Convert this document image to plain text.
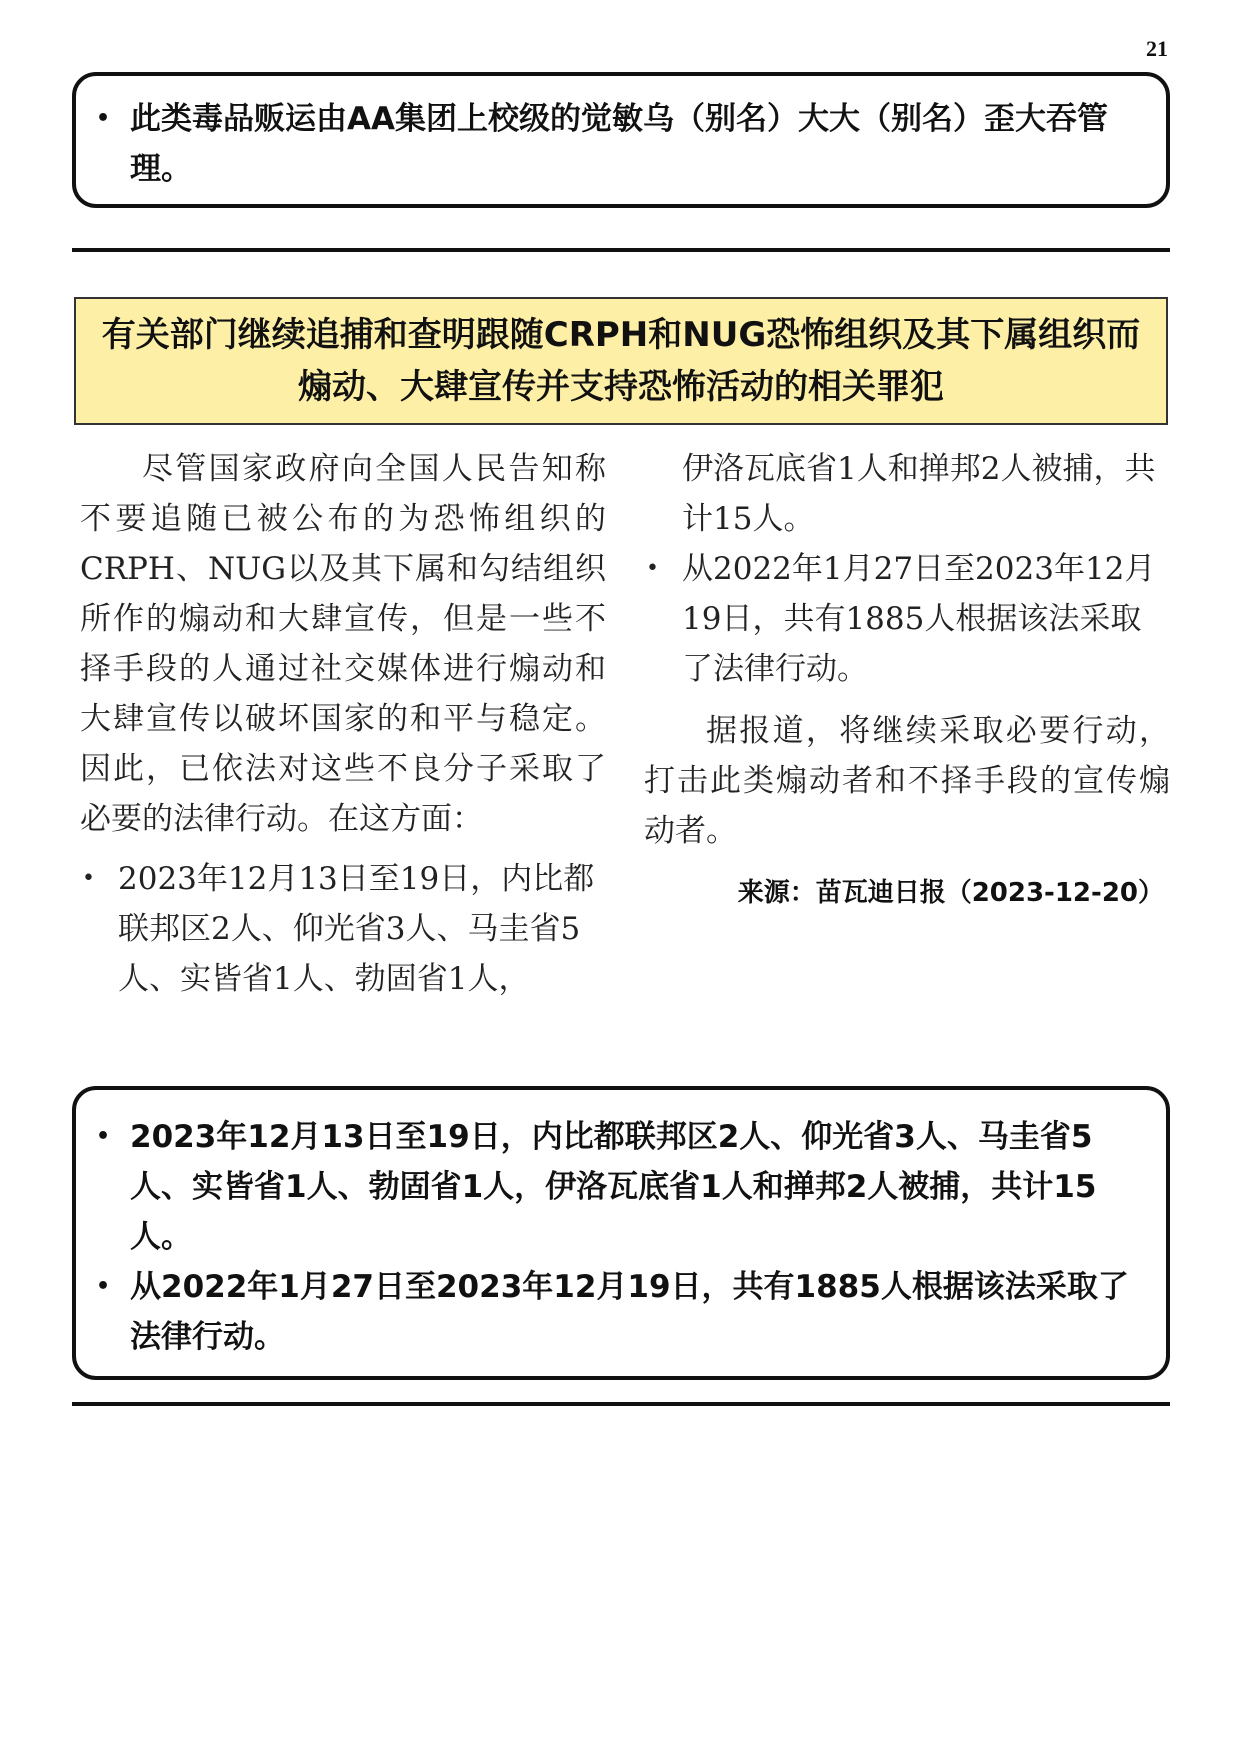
21
• 此类毒品贩运由AA集团上校级的觉敏乌（别名）大大（别名）歪大吞管理。
有关部门继续追捕和查明跟随CRPH和NUG恐怖组织及其下属组织而
煽动、大肆宣传并支持恐怖活动的相关罪犯

尽管国家政府向全国人民告知称不要追随已被公布的为恐怖组织的CRPH、NUG以及其下属和勾结组织所作的煽动和大肆宣传，但是一些不择手段的人通过社交媒体进行煽动和大肆宣传以破坏国家的和平与稳定。因此，已依法对这些不良分子采取了必要的法律行动。在这方面：

• 2023年12月13日至19日，内比都联邦区2人、仰光省3人、马圭省5人、实皆省1人、勃固省1人，
伊洛瓦底省1人和掸邦2人被捕，共计15人。
• 从2022年1月27日至2023年12月19日，共有1885人根据该法采取了法律行动。

据报道，将继续采取必要行动，打击此类煽动者和不择手段的宣传煽动者。

来源：苗瓦迪日报（2023-12-20）
• 2023年12月13日至19日，内比都联邦区2人、仰光省3人、马圭省5人、实皆省1人、勃固省1人，伊洛瓦底省1人和掸邦2人被捕，共计15人。
• 从2022年1月27日至2023年12月19日，共有1885人根据该法采取了法律行动。
